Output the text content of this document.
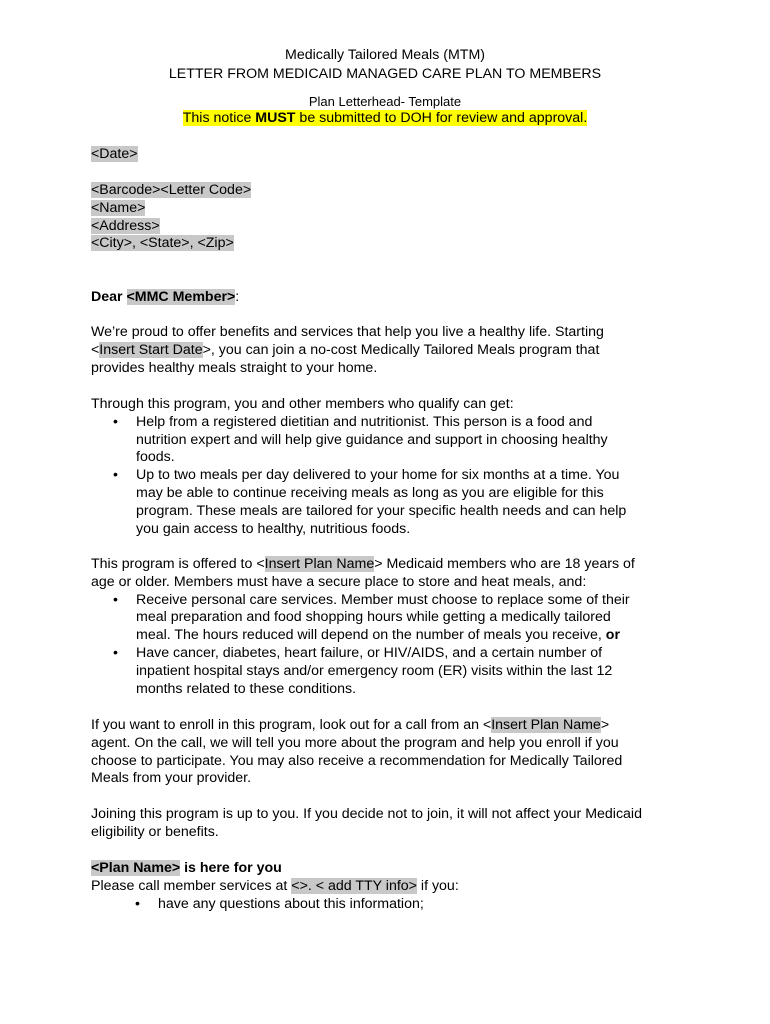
Medically Tailored Meals (MTM)
LETTER FROM MEDICAID MANAGED CARE PLAN TO MEMBERS
Plan Letterhead- Template
This notice MUST be submitted to DOH for review and approval.
<Date>

<Barcode><Letter Code>

<Name>

<Address>

<City>, <State>, <Zip>

Dear <MMC Member>:

We’re proud to offer benefits and services that help you live a healthy life. Starting

<Insert Start Date>, you can join a no-cost Medically Tailored Meals program that

provides healthy meals straight to your home.

Through this program, you and other members who qualify can get:

• Help from a registered dietitian and nutritionist. This person is a food and

nutrition expert and will help give guidance and support in choosing healthy

foods.

• Up to two meals per day delivered to your home for six months at a time. You

may be able to continue receiving meals as long as you are eligible for this

program. These meals are tailored for your specific health needs and can help

you gain access to healthy, nutritious foods.

This program is offered to <Insert Plan Name> Medicaid members who are 18 years of

age or older. Members must have a secure place to store and heat meals, and:

• Receive personal care services. Member must choose to replace some of their

meal preparation and food shopping hours while getting a medically tailored

meal. The hours reduced will depend on the number of meals you receive, or

• Have cancer, diabetes, heart failure, or HIV/AIDS, and a certain number of

inpatient hospital stays and/or emergency room (ER) visits within the last 12

months related to these conditions.

If you want to enroll in this program, look out for a call from an <Insert Plan Name>

agent. On the call, we will tell you more about the program and help you enroll if you

choose to participate. You may also receive a recommendation for Medically Tailored

Meals from your provider.

Joining this program is up to you. If you decide not to join, it will not affect your Medicaid

eligibility or benefits.

<Plan Name> is here for you

Please call member services at <>. < add TTY info> if you:

• have any questions about this information;
